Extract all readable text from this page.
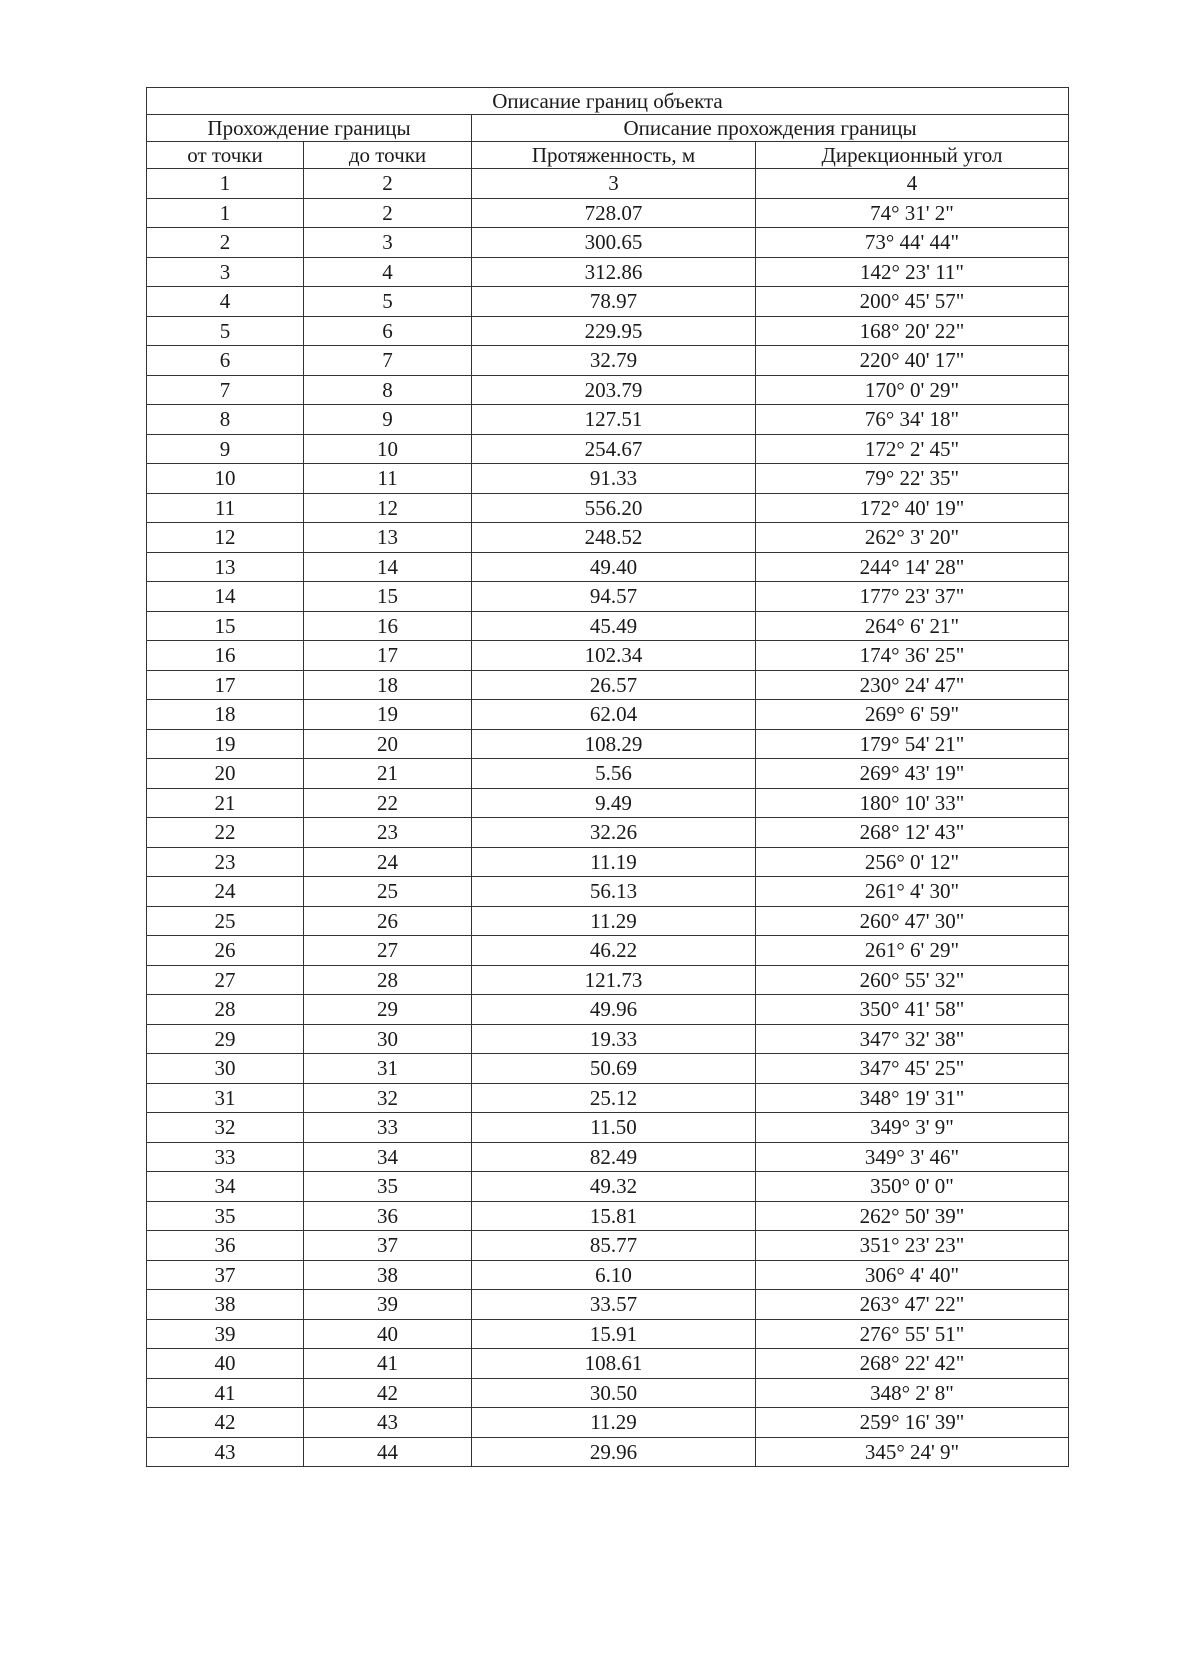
Описание границ объекта			
Прохождение границы		Описание прохождения границы	
от точки	до точки	Протяженность, м	Дирекционный угол
1	2	3	4
1	2	728.07	74° 31' 2"
2	3	300.65	73° 44' 44"
3	4	312.86	142° 23' 11"
4	5	78.97	200° 45' 57"
5	6	229.95	168° 20' 22"
6	7	32.79	220° 40' 17"
7	8	203.79	170° 0' 29"
8	9	127.51	76° 34' 18"
9	10	254.67	172° 2' 45"
10	11	91.33	79° 22' 35"
11	12	556.20	172° 40' 19"
12	13	248.52	262° 3' 20"
13	14	49.40	244° 14' 28"
14	15	94.57	177° 23' 37"
15	16	45.49	264° 6' 21"
16	17	102.34	174° 36' 25"
17	18	26.57	230° 24' 47"
18	19	62.04	269° 6' 59"
19	20	108.29	179° 54' 21"
20	21	5.56	269° 43' 19"
21	22	9.49	180° 10' 33"
22	23	32.26	268° 12' 43"
23	24	11.19	256° 0' 12"
24	25	56.13	261° 4' 30"
25	26	11.29	260° 47' 30"
26	27	46.22	261° 6' 29"
27	28	121.73	260° 55' 32"
28	29	49.96	350° 41' 58"
29	30	19.33	347° 32' 38"
30	31	50.69	347° 45' 25"
31	32	25.12	348° 19' 31"
32	33	11.50	349° 3' 9"
33	34	82.49	349° 3' 46"
34	35	49.32	350° 0' 0"
35	36	15.81	262° 50' 39"
36	37	85.77	351° 23' 23"
37	38	6.10	306° 4' 40"
38	39	33.57	263° 47' 22"
39	40	15.91	276° 55' 51"
40	41	108.61	268° 22' 42"
41	42	30.50	348° 2' 8"
42	43	11.29	259° 16' 39"
43	44	29.96	345° 24' 9"
